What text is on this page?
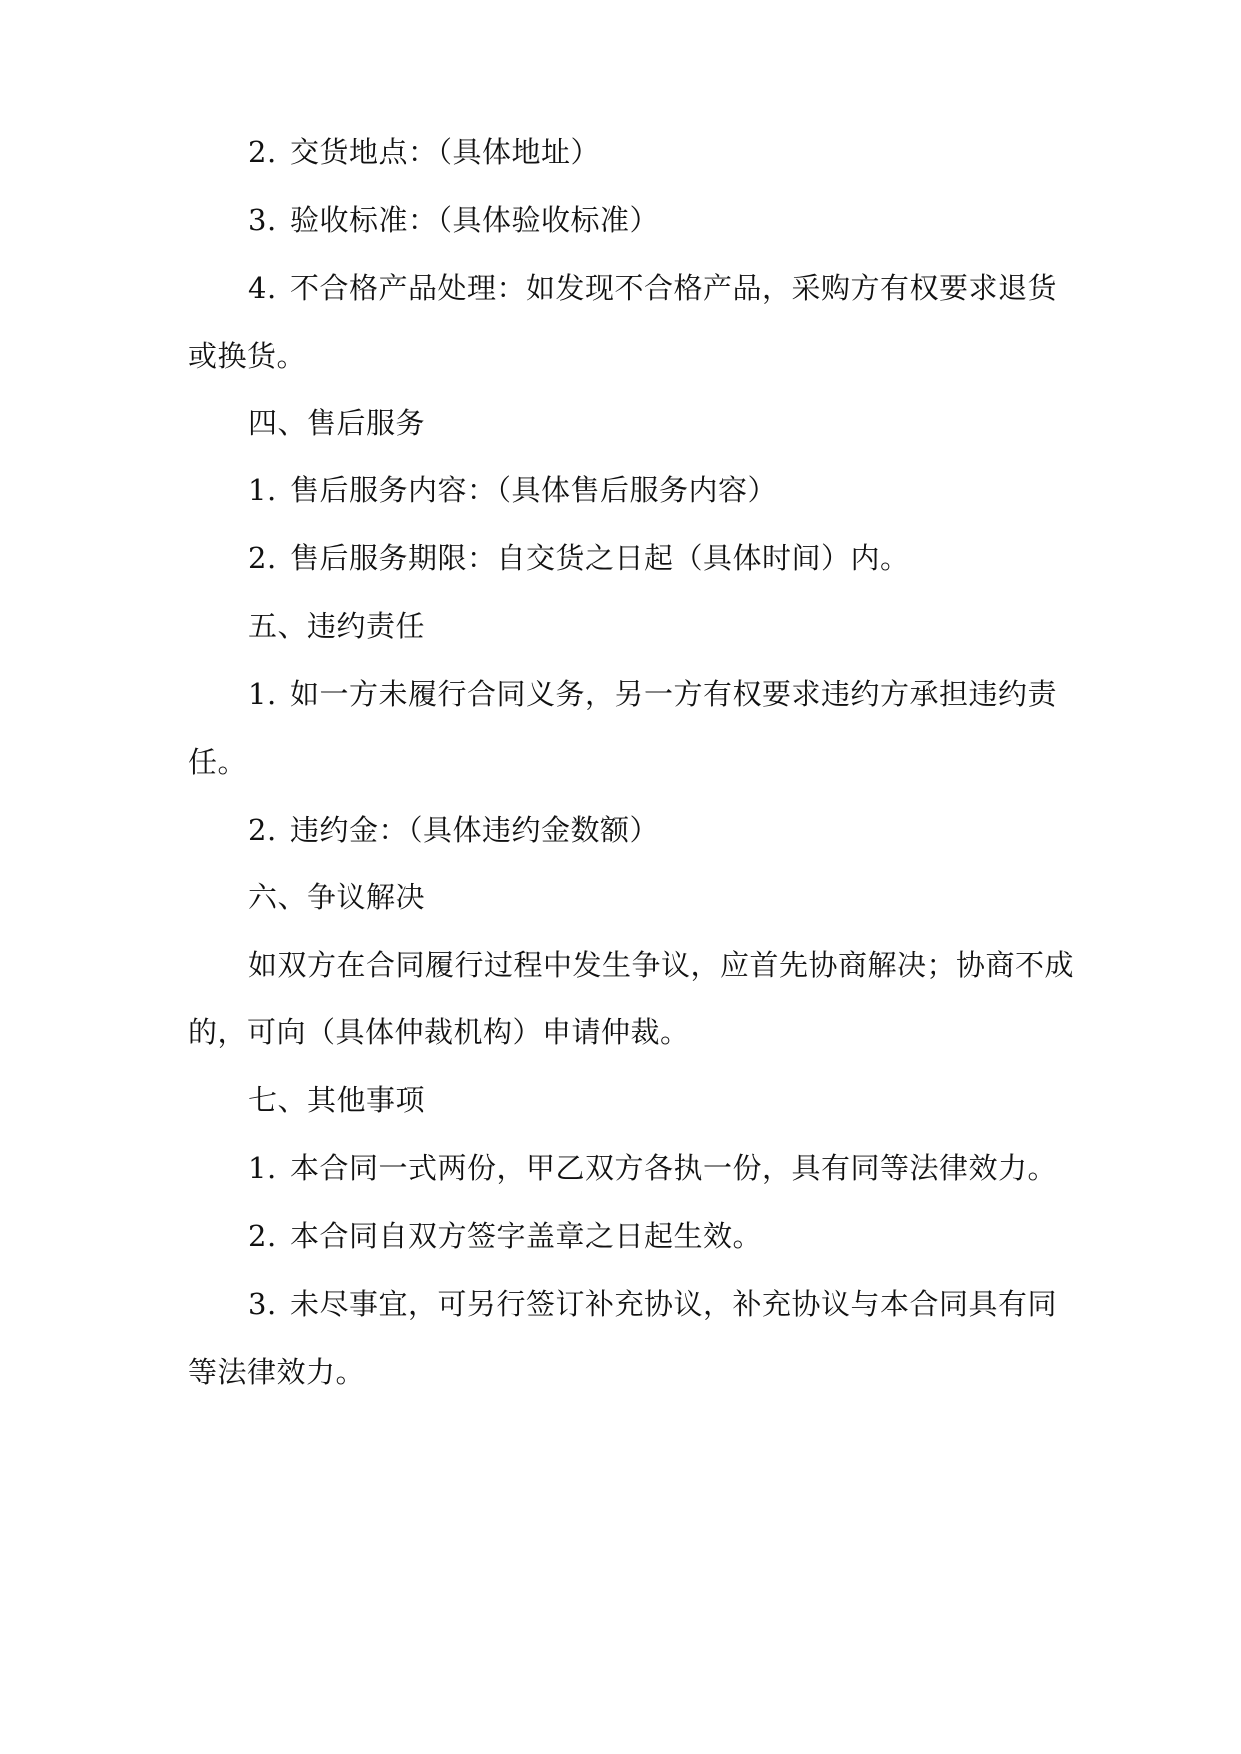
2. 交货地点：（具体地址）
3. 验收标准：（具体验收标准）
4. 不合格产品处理：如发现不合格产品，采购方有权要求退货
或换货。
四、售后服务
1. 售后服务内容：（具体售后服务内容）
2. 售后服务期限：自交货之日起（具体时间）内。
五、违约责任
1. 如一方未履行合同义务，另一方有权要求违约方承担违约责
任。
2. 违约金：（具体违约金数额）
六、争议解决
如双方在合同履行过程中发生争议，应首先协商解决；协商不成
的，可向（具体仲裁机构）申请仲裁。
七、其他事项
1. 本合同一式两份，甲乙双方各执一份，具有同等法律效力。
2. 本合同自双方签字盖章之日起生效。
3. 未尽事宜，可另行签订补充协议，补充协议与本合同具有同
等法律效力。
